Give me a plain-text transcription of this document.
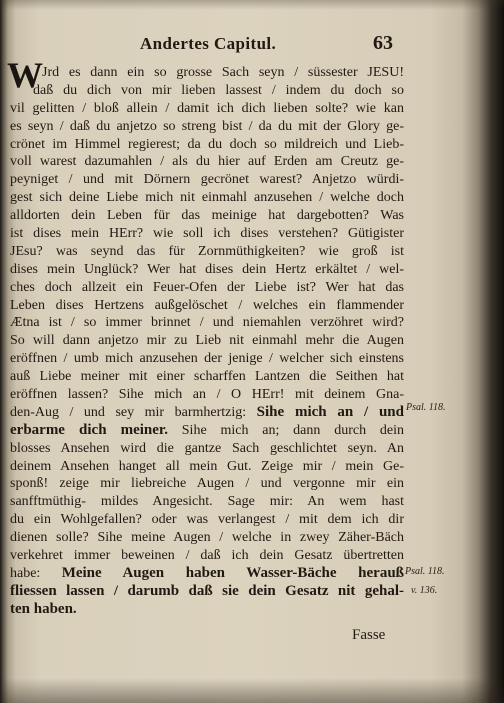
Andertes Capitul.	63
W Jrd es dann ein so grosse Sach seyn / süssester JESU!
daß du dich von mir lieben lassest / indem du doch so
vil gelitten / bloß allein / damit ich dich lieben solte? wie kan
es seyn / daß du anjetzo so streng bist / da du mit der Glory ge-
crönet im Himmel regierest; da du doch so mildreich und Lieb-
voll warest dazumahlen / als du hier auf Erden am Creutz ge-
peyniget / und mit Dörnern gecrönet warest? Anjetzo würdi-
gest sich deine Liebe mich nit einmahl anzusehen / welche doch
alldorten dein Leben für das meinige hat dargebotten? Was
ist dises mein HErr? wie soll ich dises verstehen? Gütigister
JEsu? was seynd das für Zornmüthigkeiten? wie groß ist
dises mein Unglück? Wer hat dises dein Hertz erkältet / wel-
ches doch allzeit ein Feuer-Ofen der Liebe ist? Wer hat das
Leben dises Hertzens außgelöschet / welches ein flammender
Ætna ist / so immer brinnet / und niemahlen verzöhret wird?
So will dann anjetzo mir zu Lieb nit einmahl mehr die Augen
eröffnen / umb mich anzusehen der jenige / welcher sich einstens
auß Liebe meiner mit einer scharffen Lantzen die Seithen hat
eröffnen lassen? Sihe mich an / O HErr! mit deinem Gna-
den-Aug / und sey mir barmhertzig: Sihe mich an / und
erbarme dich meiner. Sihe mich an; dann durch dein
blosses Ansehen wird die gantze Sach geschlichtet seyn. An
deinem Ansehen hanget all mein Gut. Zeige mir / mein Ge-
sponß! zeige mir liebreiche Augen / und vergonne mir ein
sanfftmüthig- mildes Angesicht. Sage mir: An wem hast
du ein Wohlgefallen? oder was verlangest / mit dem ich dir
dienen solle? Sihe meine Augen / welche in zwey Zäher-Bäch
verkehret immer beweinen / daß ich dein Gesatz übertretten
habe: Meine Augen haben Wasser-Bäche herauß
fliessen lassen / darumb daß sie dein Gesatz nit gehal-
ten haben.
Psal. 118.
Psal. 118.
v. 136.
Fasse
